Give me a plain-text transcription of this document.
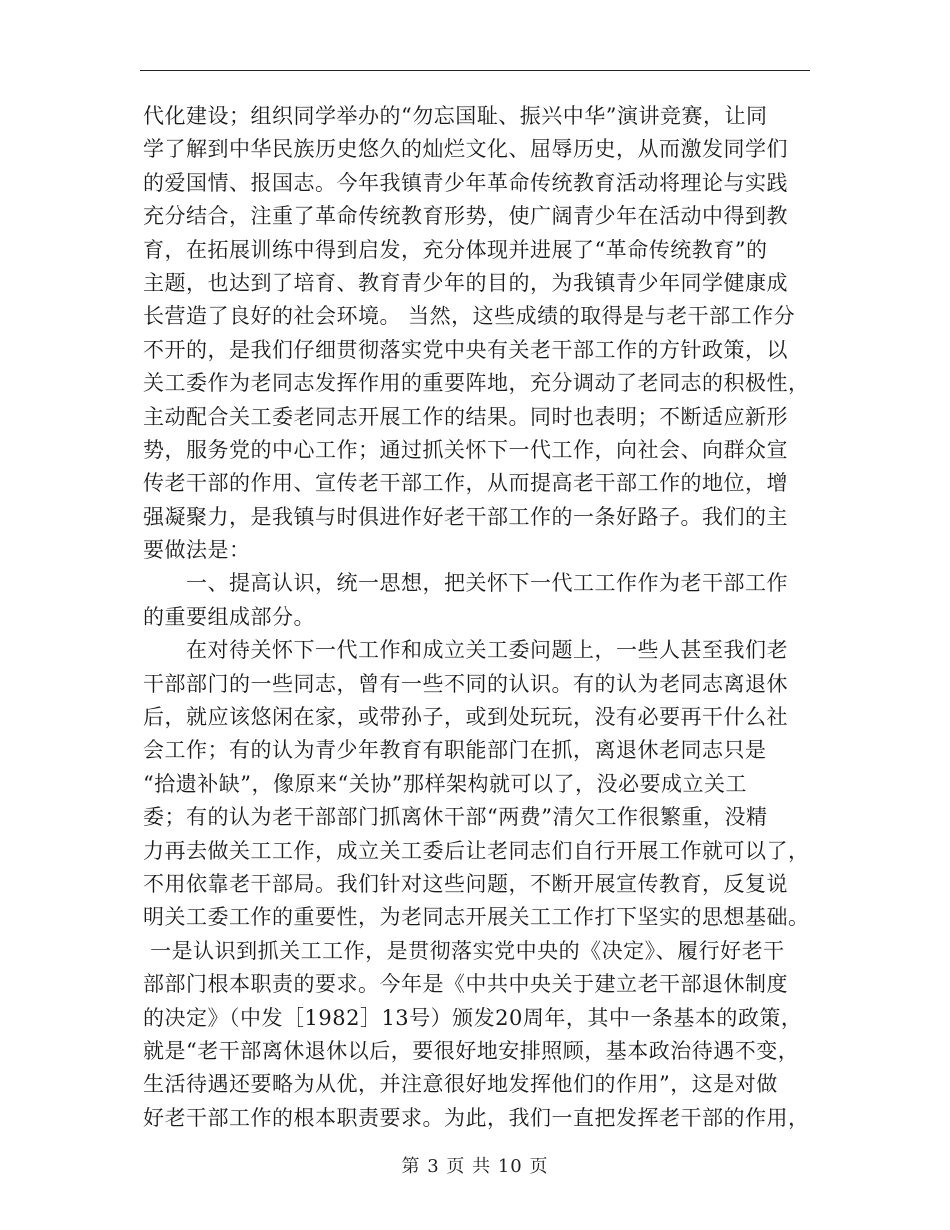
代化建设；组织同学举办的“勿忘国耻、振兴中华”演讲竞赛，让同
学了解到中华民族历史悠久的灿烂文化、屈辱历史，从而激发同学们
的爱国情、报国志。今年我镇青少年革命传统教育活动将理论与实践
充分结合，注重了革命传统教育形势，使广阔青少年在活动中得到教
育，在拓展训练中得到启发，充分体现并进展了“革命传统教育”的
主题，也达到了培育、教育青少年的目的，为我镇青少年同学健康成
长营造了良好的社会环境。 当然，这些成绩的取得是与老干部工作分
不开的，是我们仔细贯彻落实党中央有关老干部工作的方针政策，以
关工委作为老同志发挥作用的重要阵地，充分调动了老同志的积极性，
主动配合关工委老同志开展工作的结果。同时也表明；不断适应新形
势，服务党的中心工作；通过抓关怀下一代工作，向社会、向群众宣
传老干部的作用、宣传老干部工作，从而提高老干部工作的地位，增
强凝聚力，是我镇与时俱进作好老干部工作的一条好路子。我们的主
要做法是：
一、提高认识，统一思想，把关怀下一代工工作作为老干部工作
的重要组成部分。
在对待关怀下一代工作和成立关工委问题上，一些人甚至我们老
干部部门的一些同志，曾有一些不同的认识。有的认为老同志离退休
后，就应该悠闲在家，或带孙子，或到处玩玩，没有必要再干什么社
会工作；有的认为青少年教育有职能部门在抓，离退休老同志只是
“拾遗补缺”，像原来“关协”那样架构就可以了，没必要成立关工
委；有的认为老干部部门抓离休干部“两费”清欠工作很繁重，没精
力再去做关工工作，成立关工委后让老同志们自行开展工作就可以了，
不用依靠老干部局。我们针对这些问题，不断开展宣传教育，反复说
明关工委工作的重要性，为老同志开展关工工作打下坚实的思想基础。
一是认识到抓关工工作，是贯彻落实党中央的《决定》、履行好老干
部部门根本职责的要求。今年是《中共中央关于建立老干部退休制度
的决定》（中发［1982］13号）颁发20周年，其中一条基本的政策，
就是“老干部离休退休以后，要很好地安排照顾，基本政治待遇不变，
生活待遇还要略为从优，并注意很好地发挥他们的作用”，这是对做
好老干部工作的根本职责要求。为此，我们一直把发挥老干部的作用，
第 3 页 共 10 页
